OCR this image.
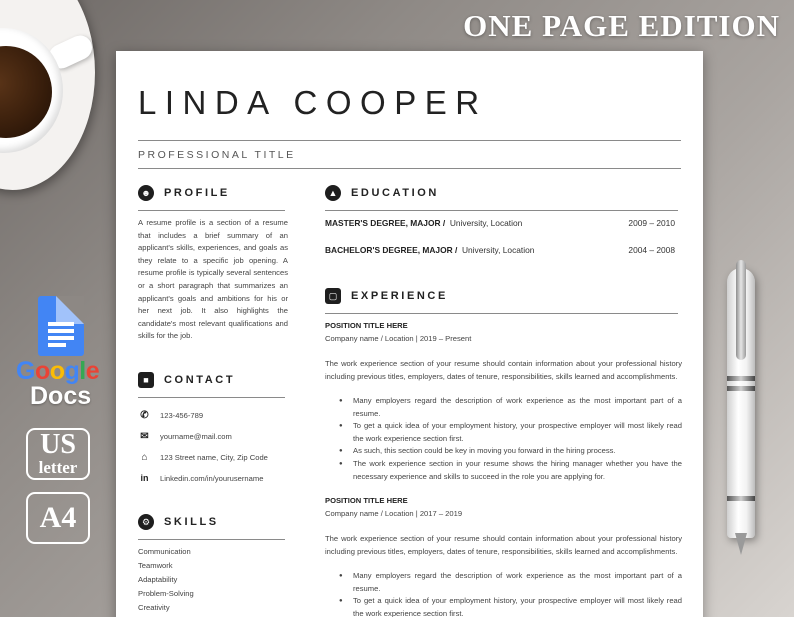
ONE PAGE EDITION
Google
Docs
US
letter
A4
LINDA COOPER
PROFESSIONAL TITLE
☻ PROFILE
A resume profile is a section of a resume that includes a brief summary of an applicant's skills, experiences, and goals as they relate to a specific job opening. A resume profile is typically several sentences or a short paragraph that summarizes an applicant's goals and ambitions for his or her next job. It also highlights the candidate's most relevant qualifications and skills for the job.
■	CONTACT
✆	123-456-789
✉	yourname@mail.com
⌂	123 Street name, City, Zip Code
in	Linkedin.com/in/yourusername
⚙	SKILLS
Communication
Teamwork
Adaptability
Problem-Solving
Creativity
▲	EDUCATION
MASTER'S DEGREE, MAJOR / University, Location	2009 – 2010
BACHELOR'S DEGREE, MAJOR / University, Location	2004 – 2008
▢	EXPERIENCE
POSITION TITLE HERE
Company name / Location | 2019 – Present
The work experience section of your resume should contain information about your professional history including previous titles, employers, dates of tenure, responsibilities, skills learned and accomplishments.
● Many employers regard the description of work experience as the most important part of a resume.
● To get a quick idea of your employment history, your prospective employer will most likely read the work experience section first.
● As such, this section could be key in moving you forward in the hiring process.
● The work experience section in your resume shows the hiring manager whether you have the necessary experience and skills to succeed in the role you are applying for.
POSITION TITLE HERE
Company name / Location | 2017 – 2019
The work experience section of your resume should contain information about your professional history including previous titles, employers, dates of tenure, responsibilities, skills learned and accomplishments.
● Many employers regard the description of work experience as the most important part of a resume.
● To get a quick idea of your employment history, your prospective employer will most likely read the work experience section first.
